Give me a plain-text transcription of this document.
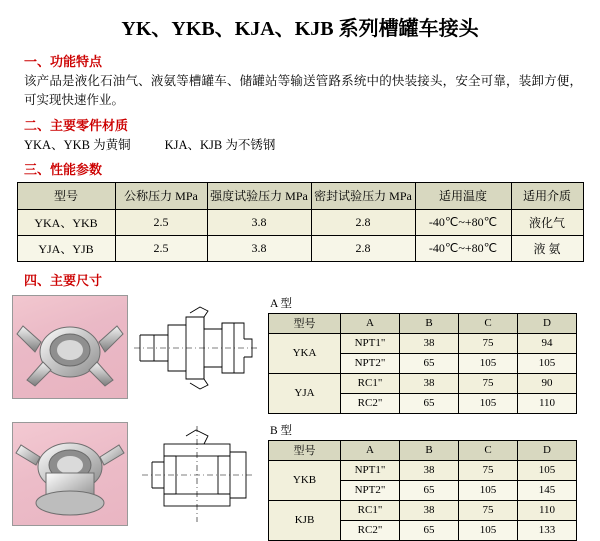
YK、YKB、KJA、KJB 系列槽罐车接头
一、功能特点
该产品是液化石油气、液氨等槽罐车、储罐站等输送管路系统中的快装接头，安全可靠，装卸方便，可实现快速作业。
二、主要零件材质
YKA、YKB 为黄铜	KJA、KJB 为不锈钢
三、性能参数
型号	公称压力 MPa	强度试验压力 MPa	密封试验压力 MPa	适用温度	适用介质
YKA、YKB	2.5	3.8	2.8	-40℃~+80℃	液化气
YJA、YJB	2.5	3.8	2.8	-40℃~+80℃	液 氨
四、主要尺寸
A 型
型号	A	B	C	D
YKA	NPT1"	38	75	94
	NPT2"	65	105	105
YJA	RC1"	38	75	90
	RC2"	65	105	110
B 型
型号	A	B	C	D
YKB	NPT1"	38	75	105
	NPT2"	65	105	145
KJB	RC1"	38	75	110
	RC2"	65	105	133
